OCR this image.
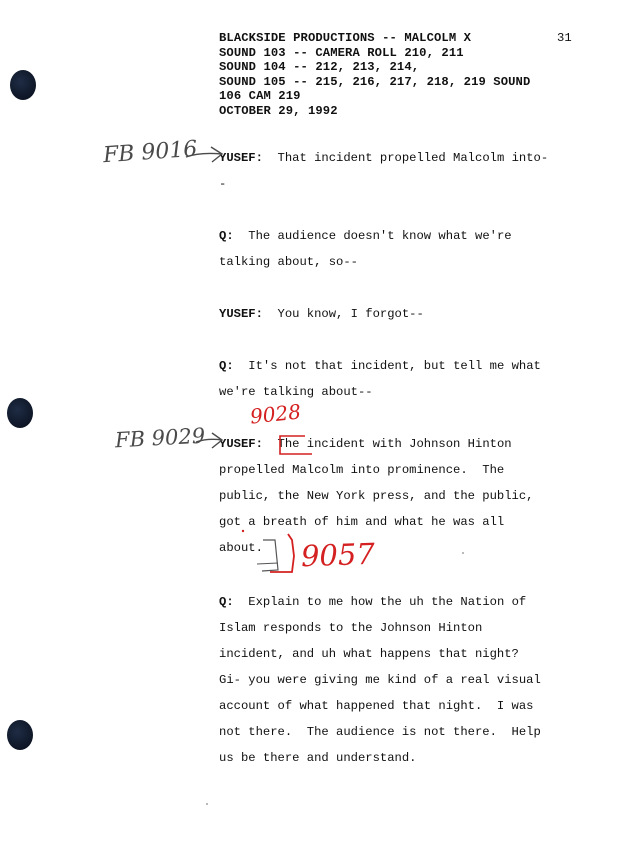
BLACKSIDE PRODUCTIONS -- MALCOLM X
SOUND 103 -- CAMERA ROLL 210, 211
SOUND 104 -- 212, 213, 214,
SOUND 105 -- 215, 216, 217, 218, 219 SOUND
106 CAM 219
OCTOBER 29, 1992
31
YUSEF: That incident propelled Malcolm into-
-
Q: The audience doesn't know what we're
talking about, so--
YUSEF: You know, I forgot--
Q: It's not that incident, but tell me what
we're talking about--
YUSEF: The incident with Johnson Hinton
propelled Malcolm into prominence.  The
public, the New York press, and the public,
got a breath of him and what he was all
about.
Q: Explain to me how the uh the Nation of
Islam responds to the Johnson Hinton
incident, and uh what happens that night?
Gi- you were giving me kind of a real visual
account of what happened that night.  I was
not there.  The audience is not there.  Help
us be there and understand.
FB 9016
FB 9029
9028
9057
